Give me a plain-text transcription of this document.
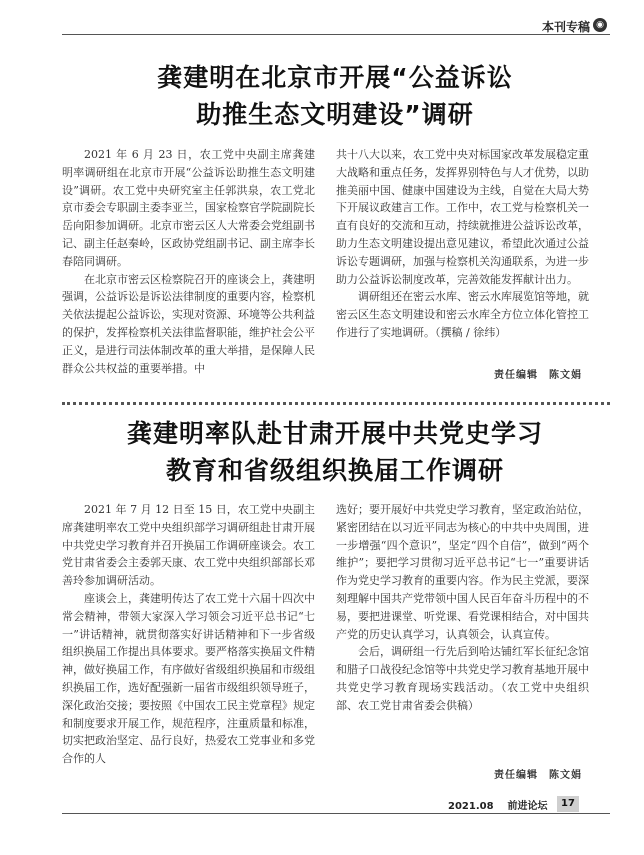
本刊专稿 ◉
龚建明在北京市开展“公益诉讼
助推生态文明建设”调研

2021 年 6 月 23 日，农工党中央副主席龚建明率调研组在北京市开展“公益诉讼助推生态文明建设”调研。农工党中央研究室主任郭洪泉，农工党北京市委会专职副主委李亚兰，国家检察官学院副院长岳向阳参加调研。北京市密云区人大常委会党组副书记、副主任赵秦岭，区政协党组副书记、副主席李长春陪同调研。

在北京市密云区检察院召开的座谈会上，龚建明强调，公益诉讼是诉讼法律制度的重要内容，检察机关依法提起公益诉讼，实现对资源、环境等公共利益的保护，发挥检察机关法律监督职能，维护社会公平正义，是进行司法体制改革的重大举措，是保障人民群众公共权益的重要举措。中

共十八大以来，农工党中央对标国家改革发展稳定重大战略和重点任务，发挥界别特色与人才优势，以助推美丽中国、健康中国建设为主线，自觉在大局大势下开展议政建言工作。工作中，农工党与检察机关一直有良好的交流和互动，持续就推进公益诉讼改革，助力生态文明建设提出意见建议，希望此次通过公益诉讼专题调研，加强与检察机关沟通联系，为进一步助力公益诉讼制度改革，完善效能发挥献计出力。

调研组还在密云水库、密云水库展览馆等地，就密云区生态文明建设和密云水库全方位立体化管控工作进行了实地调研。（撰稿 / 徐纬）

责任编辑　陈文娟
龚建明率队赴甘肃开展中共党史学习
教育和省级组织换届工作调研

2021 年 7 月 12 日至 15 日，农工党中央副主席龚建明率农工党中央组织部学习调研组赴甘肃开展中共党史学习教育并召开换届工作调研座谈会。农工党甘肃省委会主委郭天康、农工党中央组织部部长邓善玲参加调研活动。

座谈会上，龚建明传达了农工党十六届十四次中常会精神，带领大家深入学习领会习近平总书记“七一”讲话精神，就贯彻落实好讲话精神和下一步省级组织换届工作提出具体要求。要严格落实换届文件精神，做好换届工作，有序做好省级组织换届和市级组织换届工作，选好配强新一届省市级组织领导班子，深化政治交接；要按照《中国农工民主党章程》规定和制度要求开展工作，规范程序，注重质量和标准，切实把政治坚定、品行良好，热爱农工党事业和多党合作的人

选好；要开展好中共党史学习教育，坚定政治站位，紧密团结在以习近平同志为核心的中共中央周围，进一步增强“四个意识”，坚定“四个自信”，做到“两个维护”；要把学习贯彻习近平总书记“七一”重要讲话作为党史学习教育的重要内容。作为民主党派，要深刻理解中国共产党带领中国人民百年奋斗历程中的不易，要把进课堂、听党课、看党课相结合，对中国共产党的历史认真学习，认真领会，认真宣传。

会后，调研组一行先后到哈达铺红军长征纪念馆和腊子口战役纪念馆等中共党史学习教育基地开展中共党史学习教育现场实践活动。（农工党中央组织部、农工党甘肃省委会供稿）

责任编辑　陈文娟
2021.08 前进论坛	17
